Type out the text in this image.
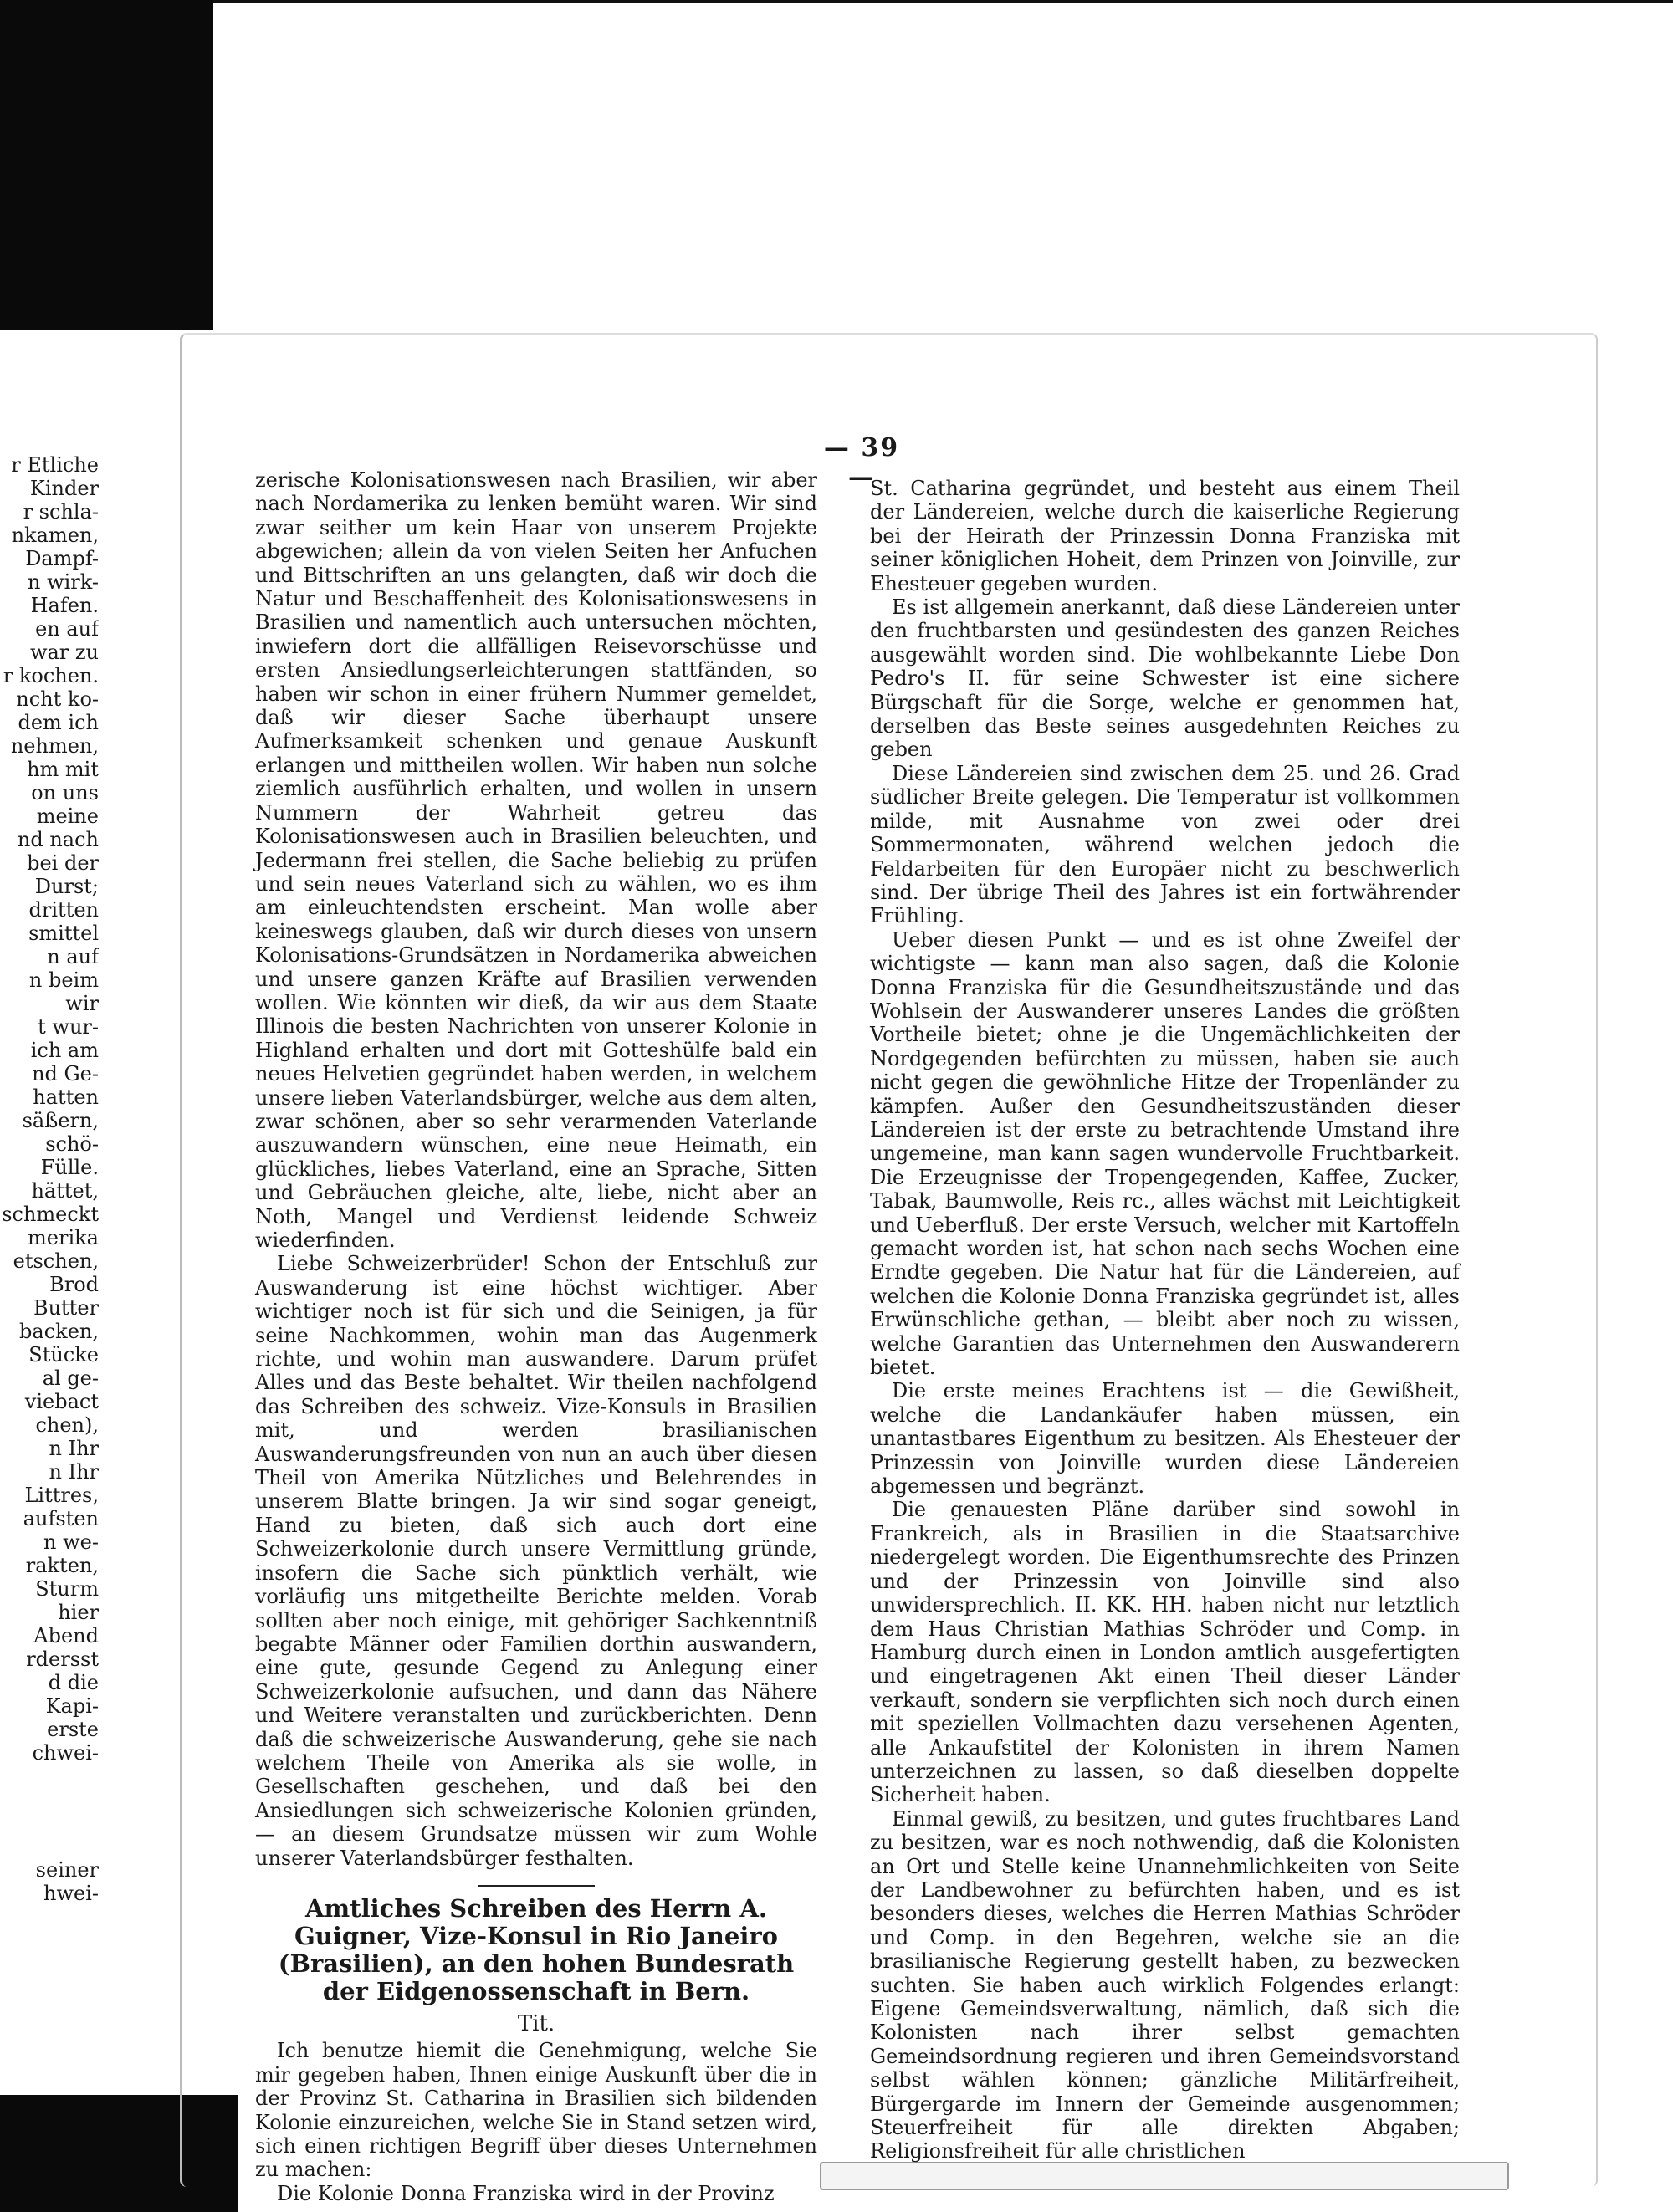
r Etliche
Kinder
r schla-
nkamen,
Dampf-
n wirk-
Hafen.
en auf
war zu
r kochen.
ncht ko-
dem ich
nehmen,
hm mit
on uns
meine
nd nach
bei der
Durst;
dritten
smittel
n auf
n beim
wir
t wur-
ich am
nd Ge-
hatten
säßern,
schö-
Fülle.
hättet,
schmeckt
merika
etschen,
Brod
Butter
backen,
Stücke
al ge-
viebact
chen),
n Ihr
n Ihr
Littres,
aufsten
n we-
rakten,
Sturm
hier
Abend
rdersst
d die
Kapi-
erste
chwei-

seiner
hwei-
— 39 —

zerische Kolonisationswesen nach Brasilien, wir aber nach Nordamerika zu lenken bemüht waren. Wir sind zwar seither um kein Haar von unserem Projekte abgewichen; allein da von vielen Seiten her Anfuchen und Bittschriften an uns gelangten, daß wir doch die Natur und Beschaffenheit des Kolonisationswesens in Brasilien und namentlich auch untersuchen möchten, inwiefern dort die allfälligen Reisevorschüsse und ersten Ansiedlungserleichterungen stattfänden, so haben wir schon in einer frühern Nummer gemeldet, daß wir dieser Sache überhaupt unsere Aufmerksamkeit schenken und genaue Auskunft erlangen und mittheilen wollen. Wir haben nun solche ziemlich ausführlich erhalten, und wollen in unsern Nummern der Wahrheit getreu das Kolonisationswesen auch in Brasilien beleuchten, und Jedermann frei stellen, die Sache beliebig zu prüfen und sein neues Vaterland sich zu wählen, wo es ihm am einleuchtendsten erscheint. Man wolle aber keineswegs glauben, daß wir durch dieses von unsern Kolonisations-Grundsätzen in Nordamerika abweichen und unsere ganzen Kräfte auf Brasilien verwenden wollen. Wie könnten wir dieß, da wir aus dem Staate Illinois die besten Nachrichten von unserer Kolonie in Highland erhalten und dort mit Gotteshülfe bald ein neues Helvetien gegründet haben werden, in welchem unsere lieben Vaterlandsbürger, welche aus dem alten, zwar schönen, aber so sehr verarmenden Vaterlande auszuwandern wünschen, eine neue Heimath, ein glückliches, liebes Vaterland, eine an Sprache, Sitten und Gebräuchen gleiche, alte, liebe, nicht aber an Noth, Mangel und Verdienst leidende Schweiz wiederfinden.

Liebe Schweizerbrüder! Schon der Entschluß zur Auswanderung ist eine höchst wichtiger. Aber wichtiger noch ist für sich und die Seinigen, ja für seine Nachkommen, wohin man das Augenmerk richte, und wohin man auswandere. Darum prüfet Alles und das Beste behaltet. Wir theilen nachfolgend das Schreiben des schweiz. Vize-Konsuls in Brasilien mit, und werden brasilianischen Auswanderungsfreunden von nun an auch über diesen Theil von Amerika Nützliches und Belehrendes in unserem Blatte bringen. Ja wir sind sogar geneigt, Hand zu bieten, daß sich auch dort eine Schweizerkolonie durch unsere Vermittlung gründe, insofern die Sache sich pünktlich verhält, wie vorläufig uns mitgetheilte Berichte melden. Vorab sollten aber noch einige, mit gehöriger Sachkenntniß begabte Männer oder Familien dorthin auswandern, eine gute, gesunde Gegend zu Anlegung einer Schweizerkolonie aufsuchen, und dann das Nähere und Weitere veranstalten und zurückberichten. Denn daß die schweizerische Auswanderung, gehe sie nach welchem Theile von Amerika als sie wolle, in Gesellschaften geschehen, und daß bei den Ansiedlungen sich schweizerische Kolonien gründen, — an diesem Grundsatze müssen wir zum Wohle unserer Vaterlandsbürger festhalten.

Amtliches Schreiben des Herrn A. Guigner, Vize-Konsul in Rio Janeiro (Brasilien), an den hohen Bundesrath der Eidgenossenschaft in Bern.
Tit.

Ich benutze hiemit die Genehmigung, welche Sie mir gegeben haben, Ihnen einige Auskunft über die in der Provinz St. Catharina in Brasilien sich bildenden Kolonie einzureichen, welche Sie in Stand setzen wird, sich einen richtigen Begriff über dieses Unternehmen zu machen:

Die Kolonie Donna Franziska wird in der Provinz

St. Catharina gegründet, und besteht aus einem Theil der Ländereien, welche durch die kaiserliche Regierung bei der Heirath der Prinzessin Donna Franziska mit seiner königlichen Hoheit, dem Prinzen von Joinville, zur Ehesteuer gegeben wurden.

Es ist allgemein anerkannt, daß diese Ländereien unter den fruchtbarsten und gesündesten des ganzen Reiches ausgewählt worden sind. Die wohlbekannte Liebe Don Pedro's II. für seine Schwester ist eine sichere Bürgschaft für die Sorge, welche er genommen hat, derselben das Beste seines ausgedehnten Reiches zu geben

Diese Ländereien sind zwischen dem 25. und 26. Grad südlicher Breite gelegen. Die Temperatur ist vollkommen milde, mit Ausnahme von zwei oder drei Sommermonaten, während welchen jedoch die Feldarbeiten für den Europäer nicht zu beschwerlich sind. Der übrige Theil des Jahres ist ein fortwährender Frühling.

Ueber diesen Punkt — und es ist ohne Zweifel der wichtigste — kann man also sagen, daß die Kolonie Donna Franziska für die Gesundheitszustände und das Wohlsein der Auswanderer unseres Landes die größten Vortheile bietet; ohne je die Ungemächlichkeiten der Nordgegenden befürchten zu müssen, haben sie auch nicht gegen die gewöhnliche Hitze der Tropenländer zu kämpfen. Außer den Gesundheitszuständen dieser Ländereien ist der erste zu betrachtende Umstand ihre ungemeine, man kann sagen wundervolle Fruchtbarkeit. Die Erzeugnisse der Tropengegenden, Kaffee, Zucker, Tabak, Baumwolle, Reis rc., alles wächst mit Leichtigkeit und Ueberfluß. Der erste Versuch, welcher mit Kartoffeln gemacht worden ist, hat schon nach sechs Wochen eine Erndte gegeben. Die Natur hat für die Ländereien, auf welchen die Kolonie Donna Franziska gegründet ist, alles Erwünschliche gethan, — bleibt aber noch zu wissen, welche Garantien das Unternehmen den Auswanderern bietet.

Die erste meines Erachtens ist — die Gewißheit, welche die Landankäufer haben müssen, ein unantastbares Eigenthum zu besitzen. Als Ehesteuer der Prinzessin von Joinville wurden diese Ländereien abgemessen und begränzt.

Die genauesten Pläne darüber sind sowohl in Frankreich, als in Brasilien in die Staatsarchive niedergelegt worden. Die Eigenthumsrechte des Prinzen und der Prinzessin von Joinville sind also unwidersprechlich. II. KK. HH. haben nicht nur letztlich dem Haus Christian Mathias Schröder und Comp. in Hamburg durch einen in London amtlich ausgefertigten und eingetragenen Akt einen Theil dieser Länder verkauft, sondern sie verpflichten sich noch durch einen mit speziellen Vollmachten dazu versehenen Agenten, alle Ankaufstitel der Kolonisten in ihrem Namen unterzeichnen zu lassen, so daß dieselben doppelte Sicherheit haben.

Einmal gewiß, zu besitzen, und gutes fruchtbares Land zu besitzen, war es noch nothwendig, daß die Kolonisten an Ort und Stelle keine Unannehmlichkeiten von Seite der Landbewohner zu befürchten haben, und es ist besonders dieses, welches die Herren Mathias Schröder und Comp. in den Begehren, welche sie an die brasilianische Regierung gestellt haben, zu bezwecken suchten. Sie haben auch wirklich Folgendes erlangt: Eigene Gemeindsverwaltung, nämlich, daß sich die Kolonisten nach ihrer selbst gemachten Gemeindsordnung regieren und ihren Gemeindsvorstand selbst wählen können; gänzliche Militärfreiheit, Bürgergarde im Innern der Gemeinde ausgenommen; Steuerfreiheit für alle direkten Abgaben; Religionsfreiheit für alle christlichen
